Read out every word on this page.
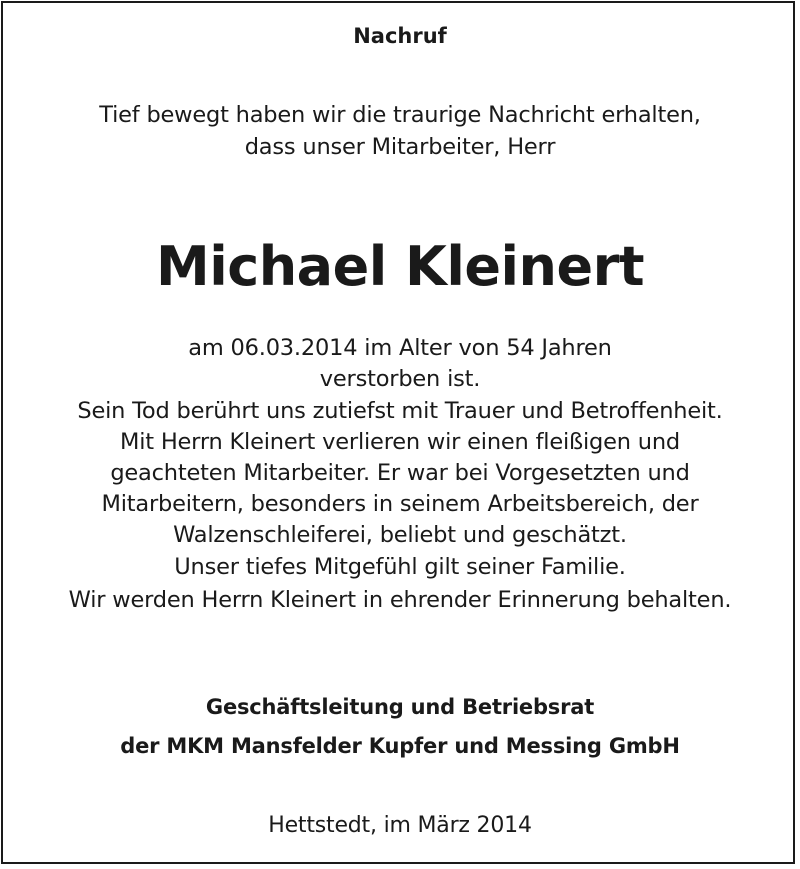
Nachruf
Tief bewegt haben wir die traurige Nachricht erhalten,
dass unser Mitarbeiter, Herr
Michael Kleinert
am 06.03.2014 im Alter von 54 Jahren
verstorben ist.
Sein Tod berührt uns zutiefst mit Trauer und Betroffenheit.
Mit Herrn Kleinert verlieren wir einen fleißigen und
geachteten Mitarbeiter. Er war bei Vorgesetzten und
Mitarbeitern, besonders in seinem Arbeitsbereich, der
Walzenschleiferei, beliebt und geschätzt.
Unser tiefes Mitgefühl gilt seiner Familie.
Wir werden Herrn Kleinert in ehrender Erinnerung behalten.
Geschäftsleitung und Betriebsrat
der MKM Mansfelder Kupfer und Messing GmbH
Hettstedt, im März 2014
